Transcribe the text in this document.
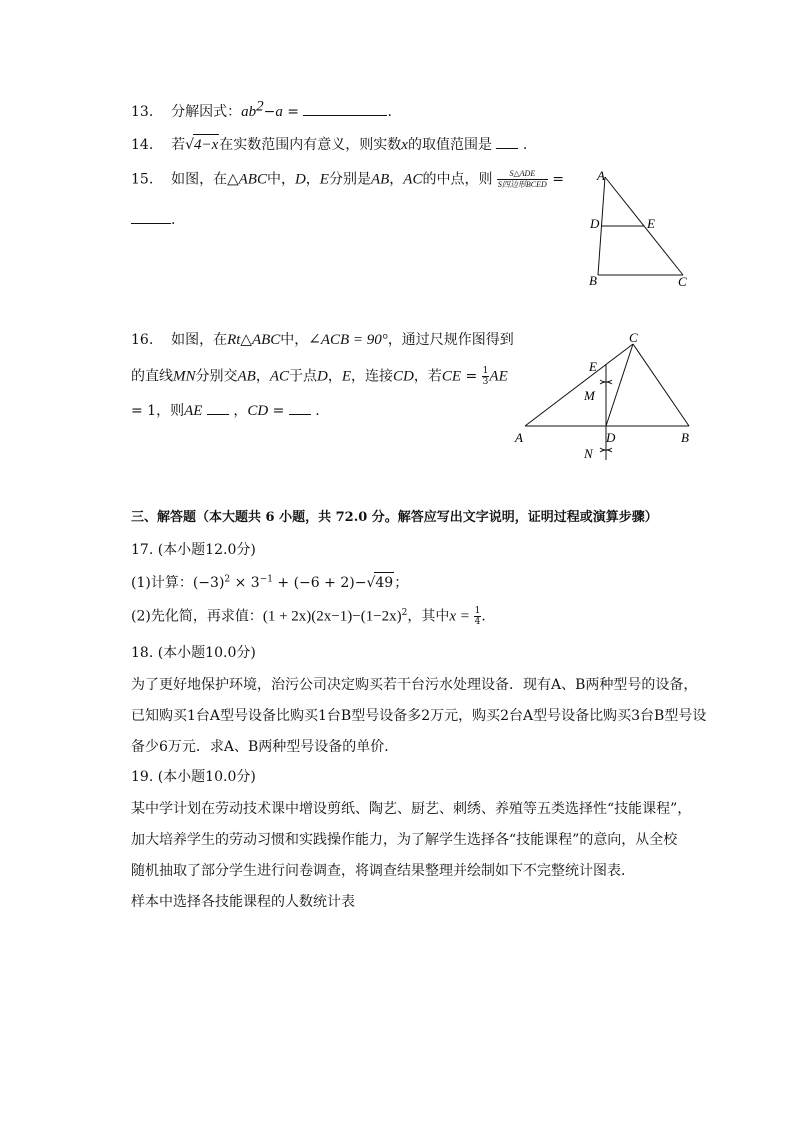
13. 分解因式：$ab^2-a$ =	.
14. 若√4−x在实数范围内有意义，则实数x的取值范围是 .
15. 如图，在△ABC中，D，E分别是AB，AC的中点，则 $\frac{\text{S△ADE}}{\text{S四边形BCED}}$ =
.
A
D	E
B	C
16. 如图，在Rt△ABC中，∠ACB = 90°，通过尺规作图得到
的直线MN分别交AB，AC于点D，E，连接CD，若CE = $\frac{1}{3}$ AE
= 1，则AE ，CD =  .
C
E
M
A	D	B
N
三、解答题（本大题共 6 小题，共 72.0 分。解答应写出文字说明，证明过程或演算步骤）
17. (本小题12.0分)
(1)计算：$(-3)^2 \times 3^{-1} + (-6 + 2)-√49$；
(2)先化简，再求值：$(1 + 2x)(2x-1)-(1-2x)^2$，其中$x = \frac{1}{4}$ .
18. (本小题10.0分)
为了更好地保护环境，治污公司决定购买若干台污水处理设备．现有A、B两种型号的设备，
已知购买1台A型号设备比购买1台B型号设备多2万元，购买2台A型号设备比购买3台B型号设
备少6万元．求A、B两种型号设备的单价．
19. (本小题10.0分)
某中学计划在劳动技术课中增设剪纸、陶艺、厨艺、刺绣、养殖等五类选择性“技能课程”，
加大培养学生的劳动习惯和实践操作能力，为了解学生选择各“技能课程”的意向，从全校
随机抽取了部分学生进行问卷调查，将调查结果整理并绘制如下不完整统计图表．
样本中选择各技能课程的人数统计表
